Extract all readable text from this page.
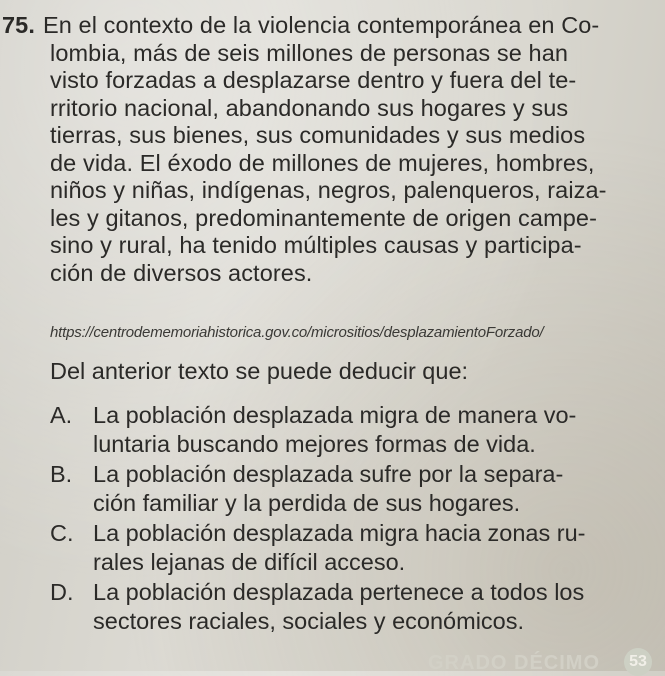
75. En el contexto de la violencia contemporánea en Co-

lombia, más de seis millones de personas se han

visto forzadas a desplazarse dentro y fuera del te-

rritorio nacional, abandonando sus hogares y sus

tierras, sus bienes, sus comunidades y sus medios

de vida. El éxodo de millones de mujeres, hombres,

niños y niñas, indígenas, negros, palenqueros, raiza-

les y gitanos, predominantemente de origen campe-

sino y rural, ha tenido múltiples causas y participa-

ción de diversos actores.

https://centrodememoriahistorica.gov.co/micrositios/desplazamientoForzado/
Del anterior texto se puede deducir que:
A. La población desplazada migra de manera vo-
luntaria buscando mejores formas de vida.
B. La población desplazada sufre por la separa-
ción familiar y la perdida de sus hogares.
C. La población desplazada migra hacia zonas ru-
rales lejanas de difícil acceso.
D. La población desplazada pertenece a todos los
sectores raciales, sociales y económicos.
GRADO DÉCIMO	53
